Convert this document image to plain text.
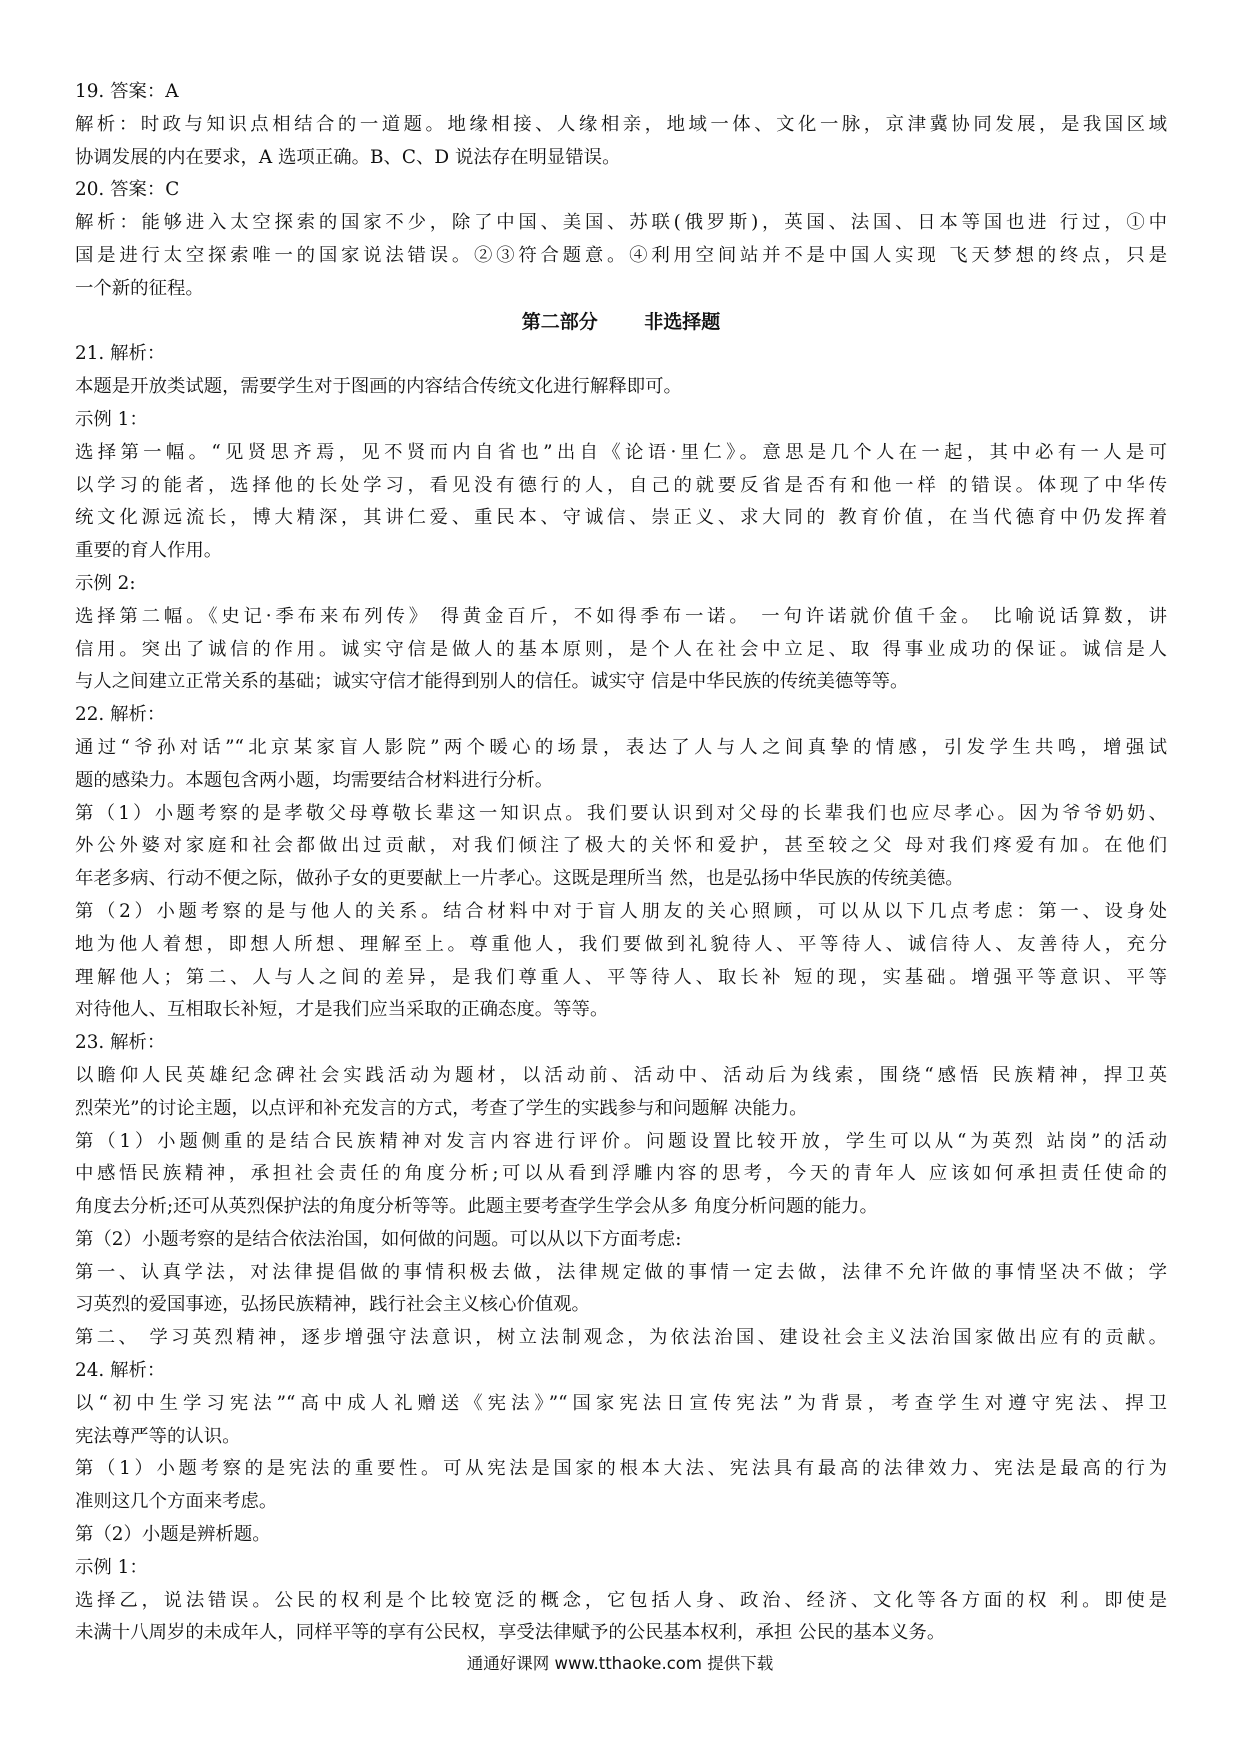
19. 答案：A
解析：时政与知识点相结合的一道题。地缘相接、人缘相亲，地域一体、文化一脉，京津冀协同发展，是我国区域
协调发展的内在要求，A 选项正确。B、C、D 说法存在明显错误。
20. 答案：C
解析：能够进入太空探索的国家不少，除了中国、美国、苏联(俄罗斯)，英国、法国、日本等国也进 行过，①中
国是进行太空探索唯一的国家说法错误。②③符合题意。④利用空间站并不是中国人实现 飞天梦想的终点，只是
一个新的征程。
第二部分 非选择题
21. 解析：
本题是开放类试题，需要学生对于图画的内容结合传统文化进行解释即可。
示例 1：
选择第一幅。“见贤思齐焉，见不贤而内自省也”出自《论语·里仁》。意思是几个人在一起，其中必有一人是可
以学习的能者，选择他的长处学习，看见没有德行的人，自己的就要反省是否有和他一样 的错误。体现了中华传
统文化源远流长，博大精深，其讲仁爱、重民本、守诚信、崇正义、求大同的 教育价值，在当代德育中仍发挥着
重要的育人作用。
示例 2:
选择第二幅。《史记·季布来布列传》 得黄金百斤，不如得季布一诺。 一句许诺就价值千金。 比喻说话算数，讲
信用。突出了诚信的作用。诚实守信是做人的基本原则，是个人在社会中立足、取 得事业成功的保证。诚信是人
与人之间建立正常关系的基础；诚实守信才能得到别人的信任。诚实守 信是中华民族的传统美德等等。
22. 解析：
通过“爷孙对话”“北京某家盲人影院”两个暖心的场景，表达了人与人之间真挚的情感，引发学生共鸣，增强试
题的感染力。本题包含两小题，均需要结合材料进行分析。
第（1）小题考察的是孝敬父母尊敬长辈这一知识点。我们要认识到对父母的长辈我们也应尽孝心。因为爷爷奶奶、
外公外婆对家庭和社会都做出过贡献，对我们倾注了极大的关怀和爱护，甚至较之父 母对我们疼爱有加。在他们
年老多病、行动不便之际，做孙子女的更要献上一片孝心。这既是理所当 然，也是弘扬中华民族的传统美德。
第（2）小题考察的是与他人的关系。结合材料中对于盲人朋友的关心照顾，可以从以下几点考虑：第一、设身处
地为他人着想，即想人所想、理解至上。尊重他人，我们要做到礼貌待人、平等待人、诚信待人、友善待人，充分
理解他人；第二、人与人之间的差异，是我们尊重人、平等待人、取长补 短的现，实基础。增强平等意识、平等
对待他人、互相取长补短，才是我们应当采取的正确态度。等等。
23. 解析：
以瞻仰人民英雄纪念碑社会实践活动为题材，以活动前、活动中、活动后为线索，围绕“感悟 民族精神，捍卫英
烈荣光”的讨论主题，以点评和补充发言的方式，考查了学生的实践参与和问题解 决能力。
第（1）小题侧重的是结合民族精神对发言内容进行评价。问题设置比较开放，学生可以从“为英烈 站岗”的活动
中感悟民族精神，承担社会责任的角度分析;可以从看到浮雕内容的思考，今天的青年人 应该如何承担责任使命的
角度去分析;还可从英烈保护法的角度分析等等。此题主要考查学生学会从多 角度分析问题的能力。
第（2）小题考察的是结合依法治国，如何做的问题。可以从以下方面考虑:
第一、认真学法，对法律提倡做的事情积极去做，法律规定做的事情一定去做，法律不允许做的事情坚决不做；学
习英烈的爱国事迹，弘扬民族精神，践行社会主义核心价值观。
第二、 学习英烈精神，逐步增强守法意识，树立法制观念，为依法治国、建设社会主义法治国家做出应有的贡献。
24. 解析：
以“初中生学习宪法”“高中成人礼赠送《宪法》”“国家宪法日宣传宪法”为背景，考查学生对遵守宪法、捍卫
宪法尊严等的认识。
第（1）小题考察的是宪法的重要性。可从宪法是国家的根本大法、宪法具有最高的法律效力、宪法是最高的行为
准则这几个方面来考虑。
第（2）小题是辨析题。
示例 1：
选择乙，说法错误。公民的权利是个比较宽泛的概念，它包括人身、政治、经济、文化等各方面的权 利。即使是
未满十八周岁的未成年人，同样平等的享有公民权，享受法律赋予的公民基本权利，承担 公民的基本义务。
通通好课网 www.tthaoke.com 提供下载
